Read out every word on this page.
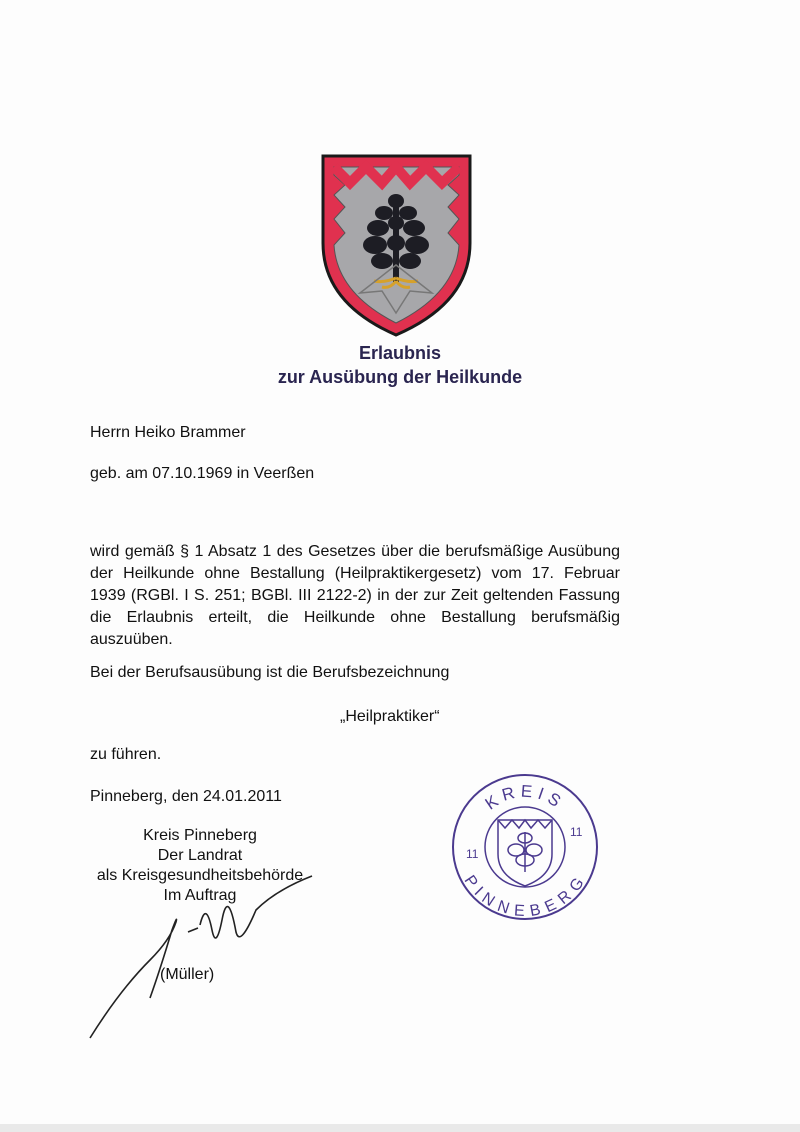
Erlaubnis
zur Ausübung der Heilkunde
Herrn Heiko Brammer
geb. am 07.10.1969 in Veerßen
wird gemäß § 1 Absatz 1 des Gesetzes über die berufsmäßige Ausübung der Heilkunde ohne Bestallung (Heilpraktikergesetz) vom 17. Februar 1939 (RGBl. I S. 251; BGBl. III 2122-2) in der zur Zeit geltenden Fassung die Erlaubnis erteilt, die Heilkunde ohne Bestallung berufsmäßig auszuüben.
Bei der Berufsausübung ist die Berufsbezeichnung
„Heilpraktiker“
zu führen.
Pinneberg, den 24.01.2011
Kreis Pinneberg
Der Landrat
als Kreisgesundheitsbehörde
Im Auftrag
(Müller)
KREIS
PINNEBERG
11
11
